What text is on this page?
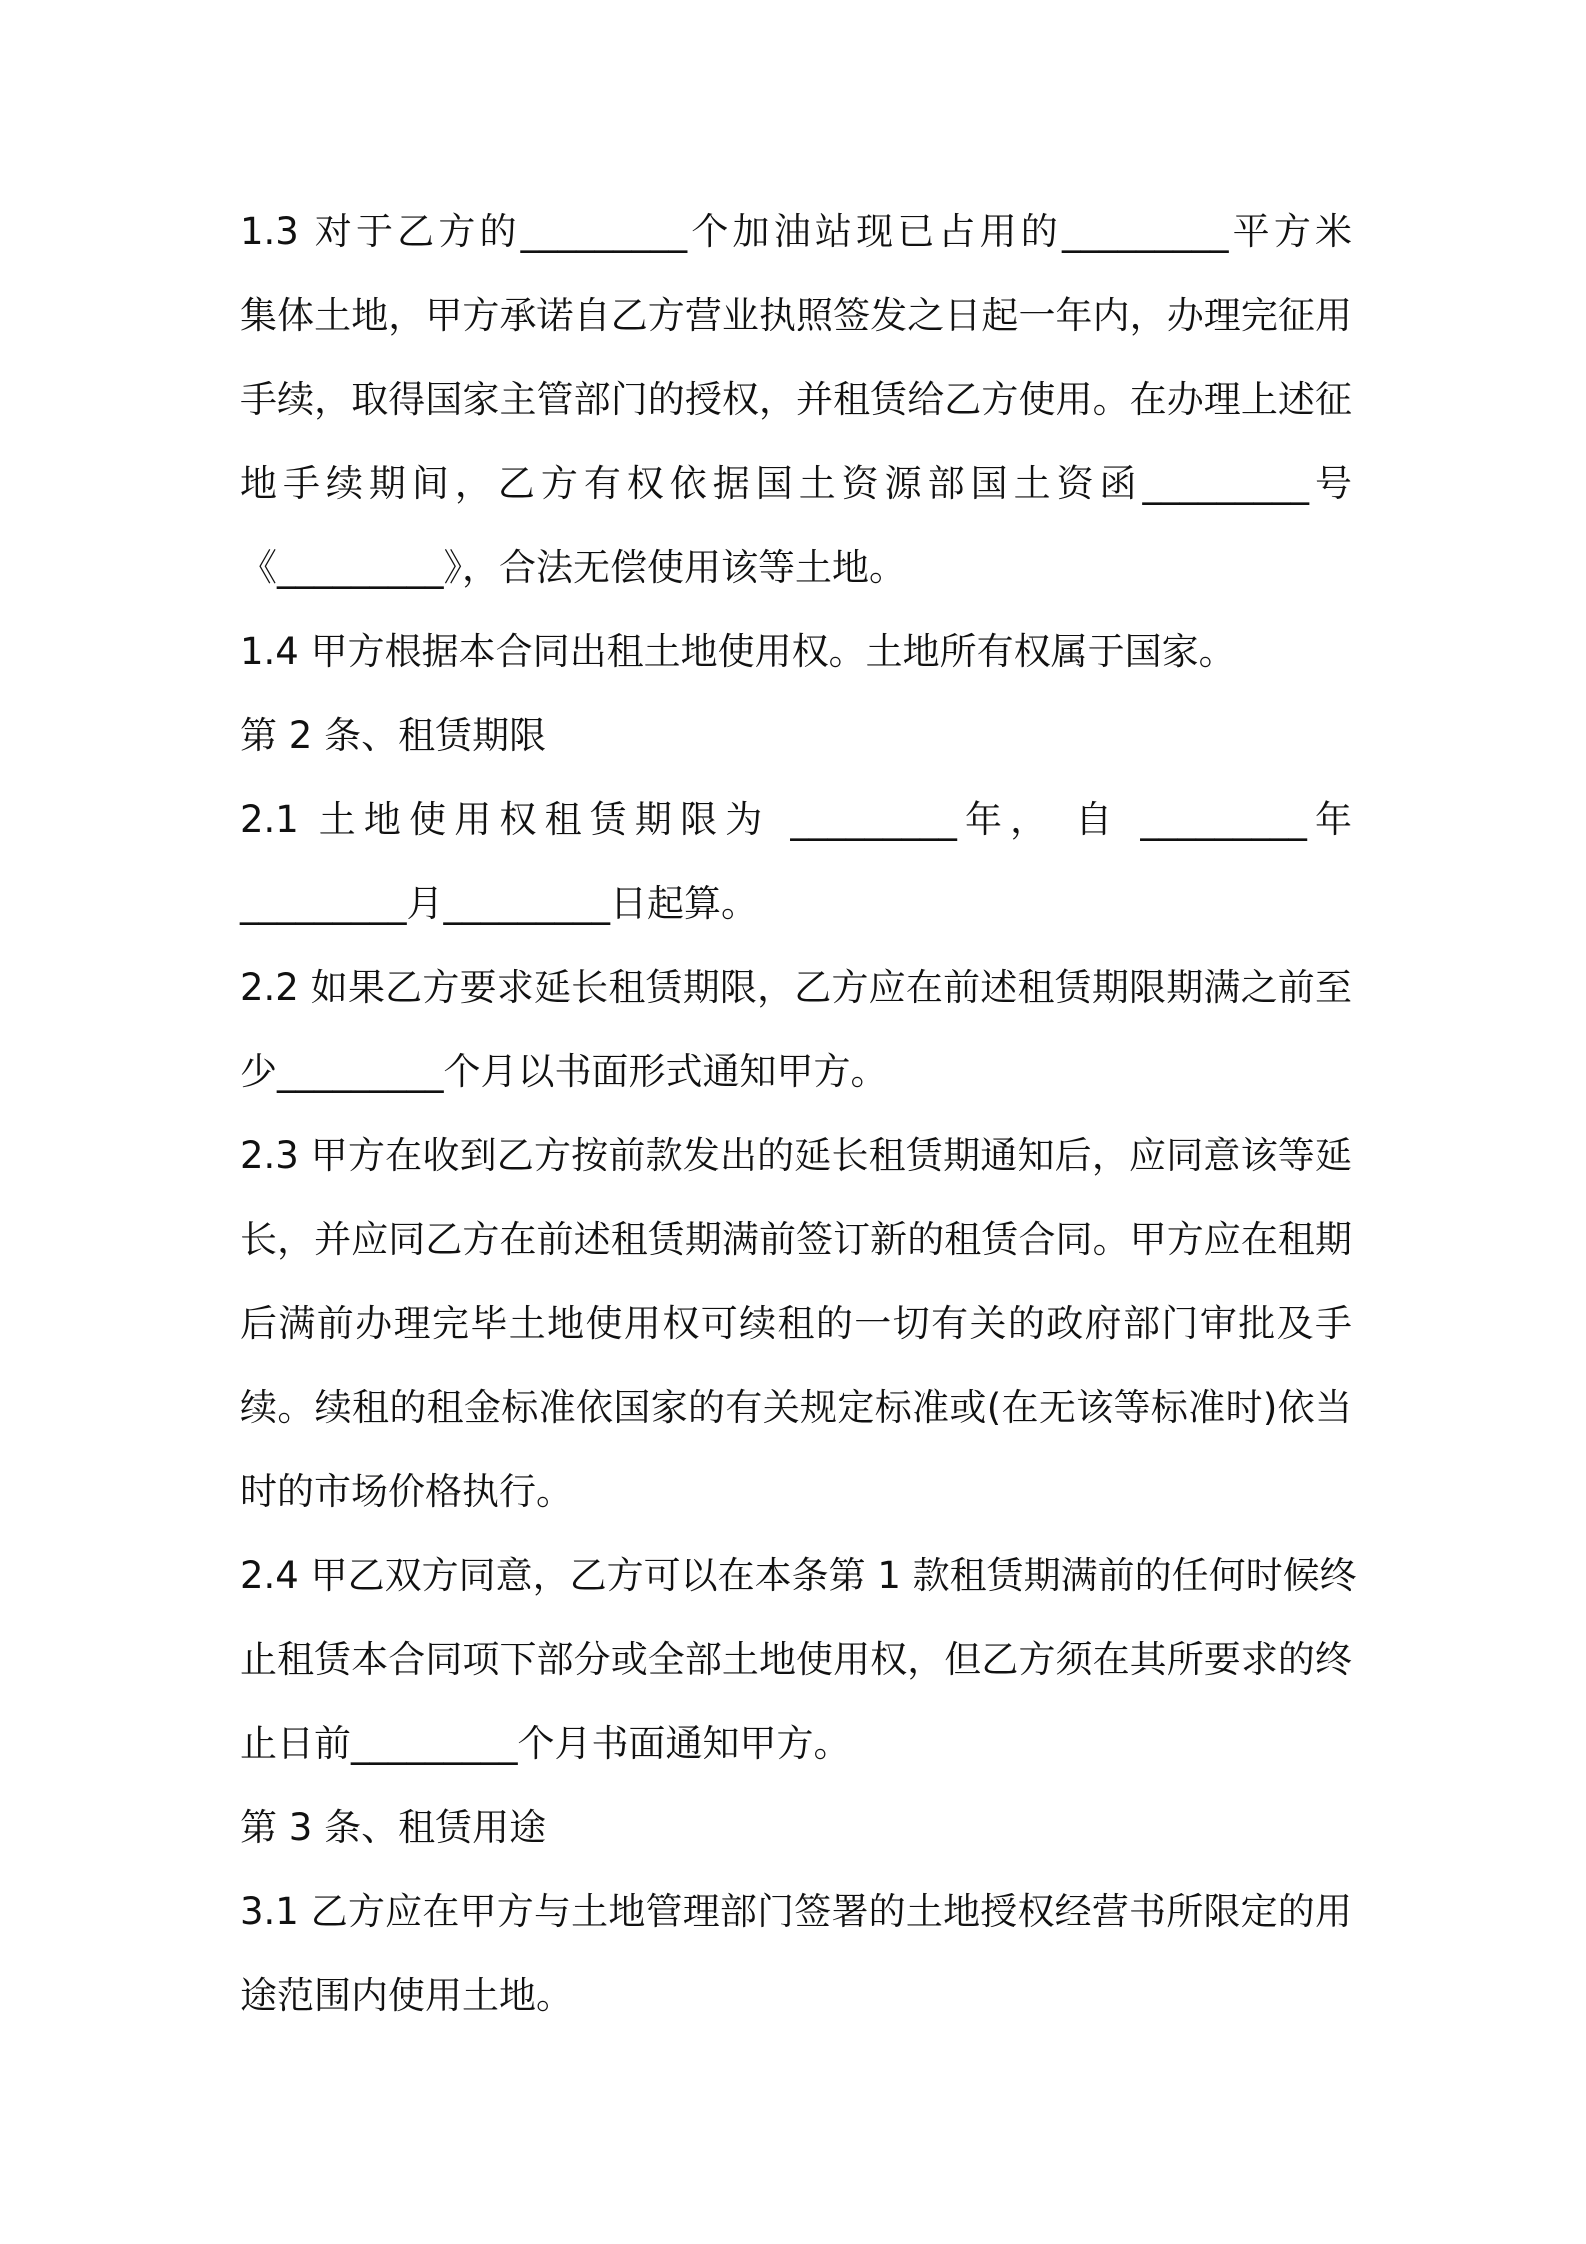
1.3 对于乙方的_________个加油站现已占用的_________平方米
集体土地，甲方承诺自乙方营业执照签发之日起一年内，办理完征用
手续，取得国家主管部门的授权，并租赁给乙方使用。在办理上述征
地手续期间，乙方有权依据国土资源部国土资函_________号
《_________》，合法无偿使用该等土地。
1.4 甲方根据本合同出租土地使用权。土地所有权属于国家。
第 2 条、租赁期限
2.1 土地使用权租赁期限为 _________年， 自 _________年
_________月_________日起算。
2.2 如果乙方要求延长租赁期限，乙方应在前述租赁期限期满之前至
少_________个月以书面形式通知甲方。
2.3 甲方在收到乙方按前款发出的延长租赁期通知后，应同意该等延
长，并应同乙方在前述租赁期满前签订新的租赁合同。甲方应在租期
后满前办理完毕土地使用权可续租的一切有关的政府部门审批及手
续。续租的租金标准依国家的有关规定标准或(在无该等标准时)依当
时的市场价格执行。
2.4 甲乙双方同意，乙方可以在本条第 1 款租赁期满前的任何时候终
止租赁本合同项下部分或全部土地使用权，但乙方须在其所要求的终
止日前_________个月书面通知甲方。
第 3 条、租赁用途
3.1 乙方应在甲方与土地管理部门签署的土地授权经营书所限定的用
途范围内使用土地。
